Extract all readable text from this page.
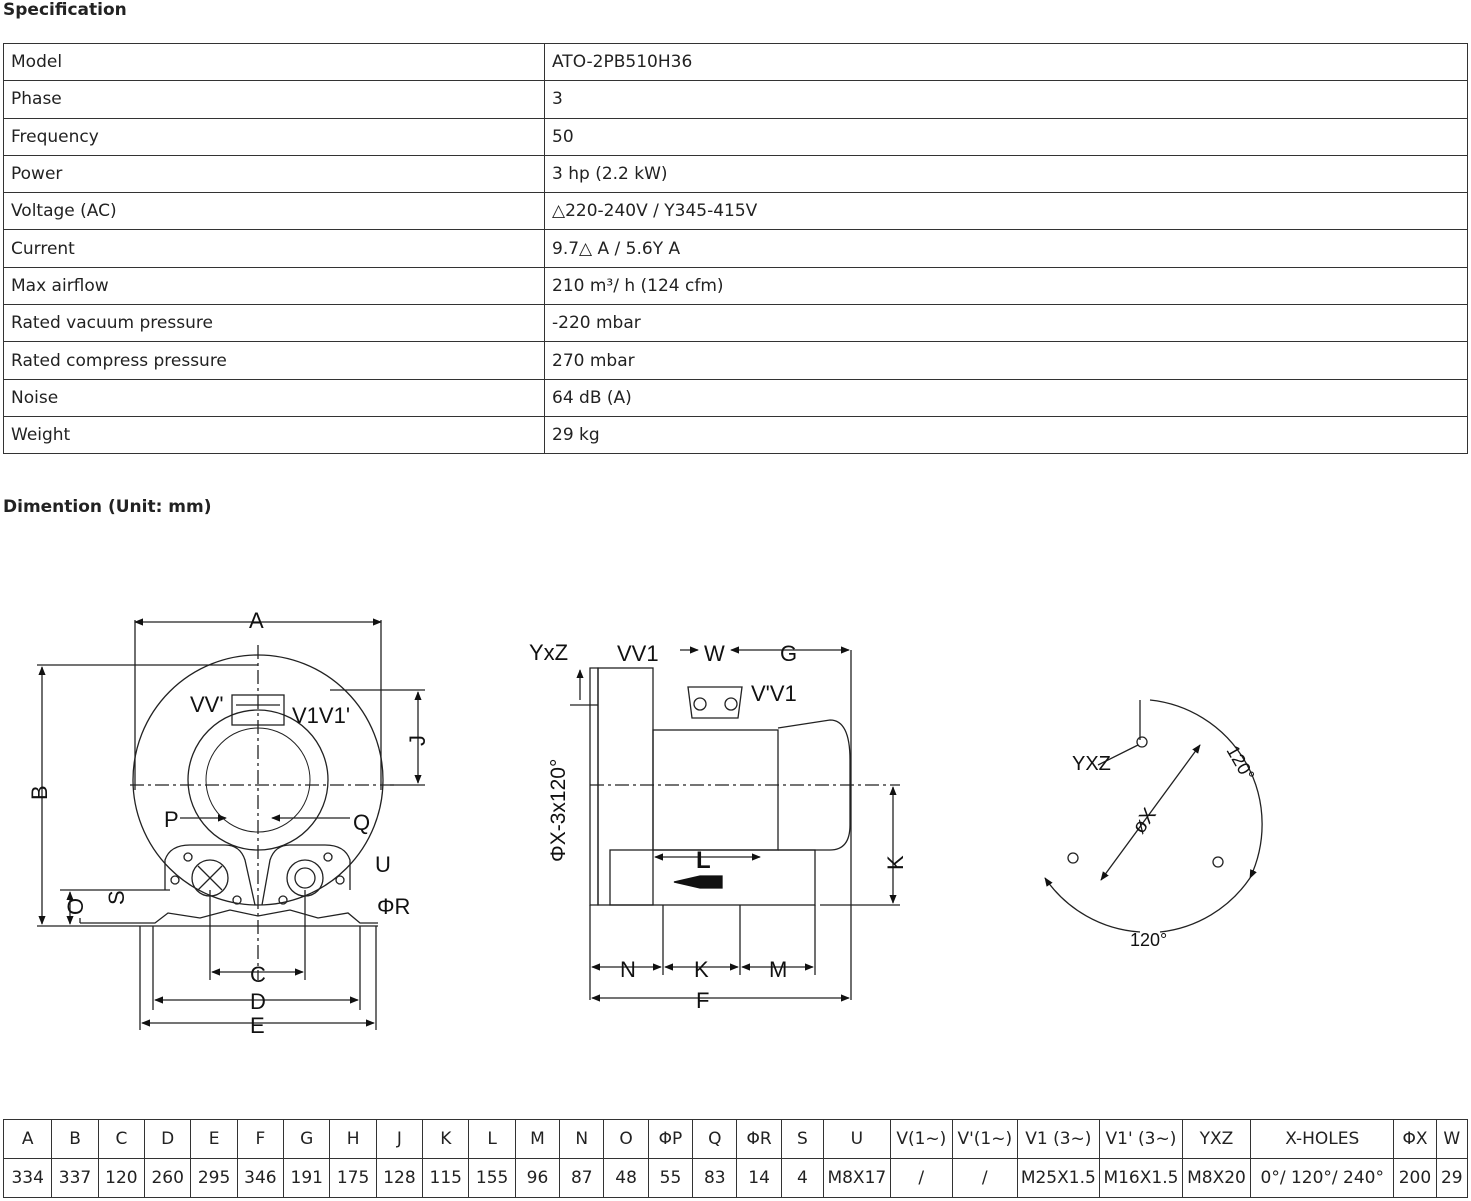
Specification
Model	ATO-2PB510H36
Phase	3
Frequency	50
Power	3 hp (2.2 kW)
Voltage (AC)	△220-240V / Y345-415V
Current	9.7△ A / 5.6Y A
Max airflow	210 m³/ h (124 cfm)
Rated vacuum pressure	-220 mbar
Rated compress pressure	270 mbar
Noise	64 dB (A)
Weight	29 kg
Dimention (Unit: mm)
A
B
J
VV'	V1V1'
P	Q
U
O
S	ΦR
C
D
E
YxZ VV1 W	G
V'V1
ΦX-3x120°	L	K
N	K	M
F
YXZ
øX
120°
120°
A	B	C	D	E	F	G	H	J	K	L	M	N	O	ΦP	Q	ΦR	S	U	V(1~)	V'(1~)	V1 (3~)	V1' (3~)	YXZ	X-HOLES	ΦX	W
334	337	120	260	295	346	191	175	128	115	155	96	87	48	55	83	14	4	M8X17	/	/	M25X1.5	M16X1.5	M8X20	0°/ 120°/ 240°	200	29
